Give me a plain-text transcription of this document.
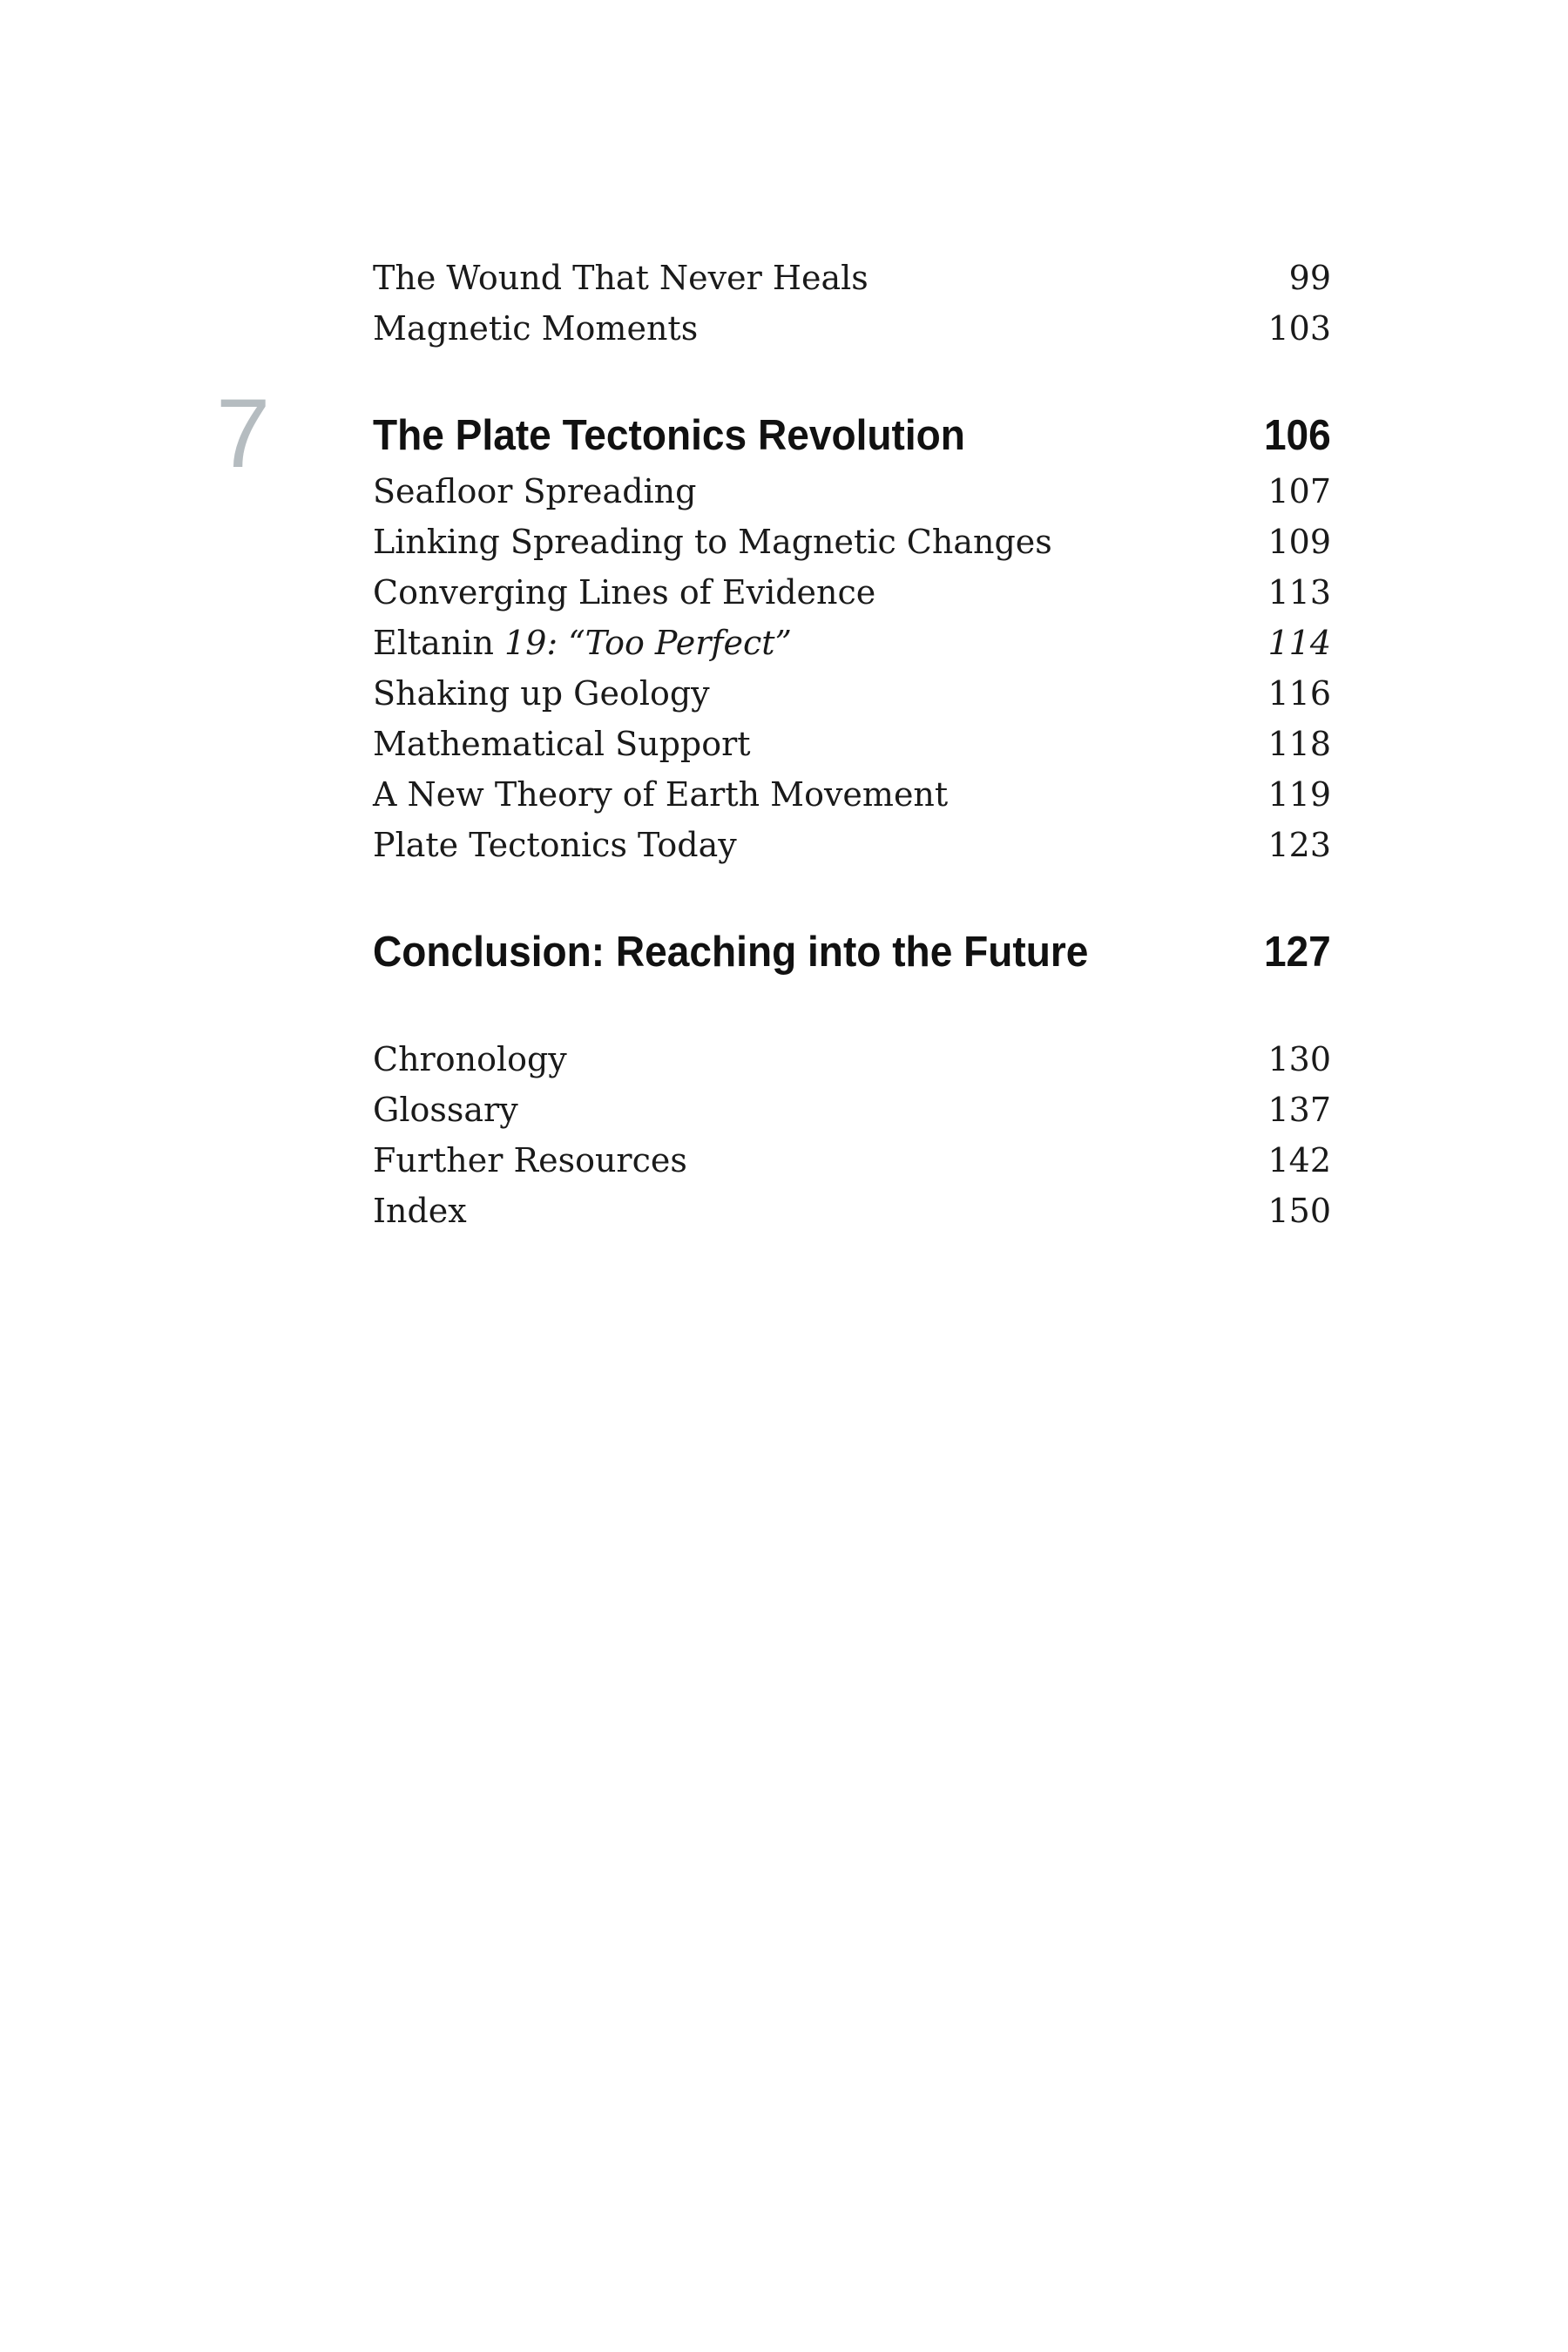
The Wound That Never Heals	99
Magnetic Moments	103
7 The Plate Tectonics Revolution	106
Seafloor Spreading	107
Linking Spreading to Magnetic Changes	109
Converging Lines of Evidence	113
Eltanin 19: “Too Perfect”	114
Shaking up Geology	116
Mathematical Support	118
A New Theory of Earth Movement	119
Plate Tectonics Today	123
Conclusion: Reaching into the Future	127
Chronology	130
Glossary	137
Further Resources	142
Index	150
